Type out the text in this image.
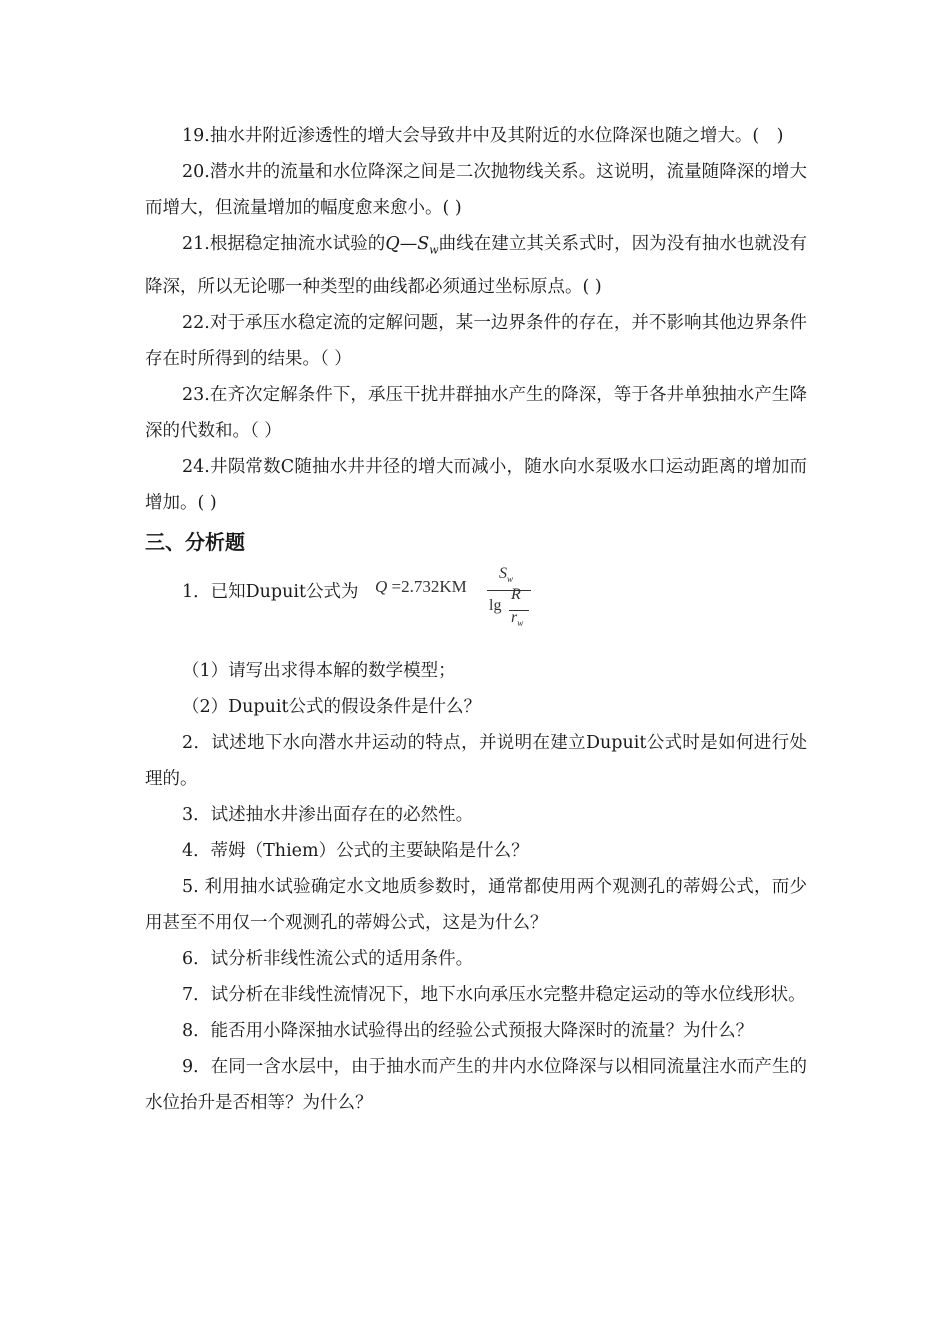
19.抽水井附近渗透性的增大会导致井中及其附近的水位降深也随之增大。(　)

20.潜水井的流量和水位降深之间是二次抛物线关系。这说明，流量随降深的增大而增大，但流量增加的幅度愈来愈小。( )

21.根据稳定抽流水试验的$Q—S_w$曲线在建立其关系式时，因为没有抽水也就没有降深，所以无论哪一种类型的曲线都必须通过坐标原点。( )

22.对于承压水稳定流的定解问题，某一边界条件的存在，并不影响其他边界条件存在时所得到的结果。（ ）

23.在齐次定解条件下，承压干扰井群抽水产生的降深，等于各井单独抽水产生降深的代数和。（ ）

24.井陨常数C随抽水井井径的增大而减小，随水向水泵吸水口运动距离的增加而增加。( )

三、分析题
1．已知Dupuit公式为 Q =2.732KM
$S_w$
lg
R
$r_w$

（1）请写出求得本解的数学模型；

（2）Dupuit公式的假设条件是什么？

2．试述地下水向潜水井运动的特点，并说明在建立Dupuit公式时是如何进行处理的。

3．试述抽水井渗出面存在的必然性。

4．蒂姆（Thiem）公式的主要缺陷是什么？

5. 利用抽水试验确定水文地质参数时，通常都使用两个观测孔的蒂姆公式，而少用甚至不用仅一个观测孔的蒂姆公式，这是为什么？

6．试分析非线性流公式的适用条件。

7．试分析在非线性流情况下，地下水向承压水完整井稳定运动的等水位线形状。

8．能否用小降深抽水试验得出的经验公式预报大降深时的流量？为什么？

9．在同一含水层中，由于抽水而产生的井内水位降深与以相同流量注水而产生的水位抬升是否相等？为什么？
